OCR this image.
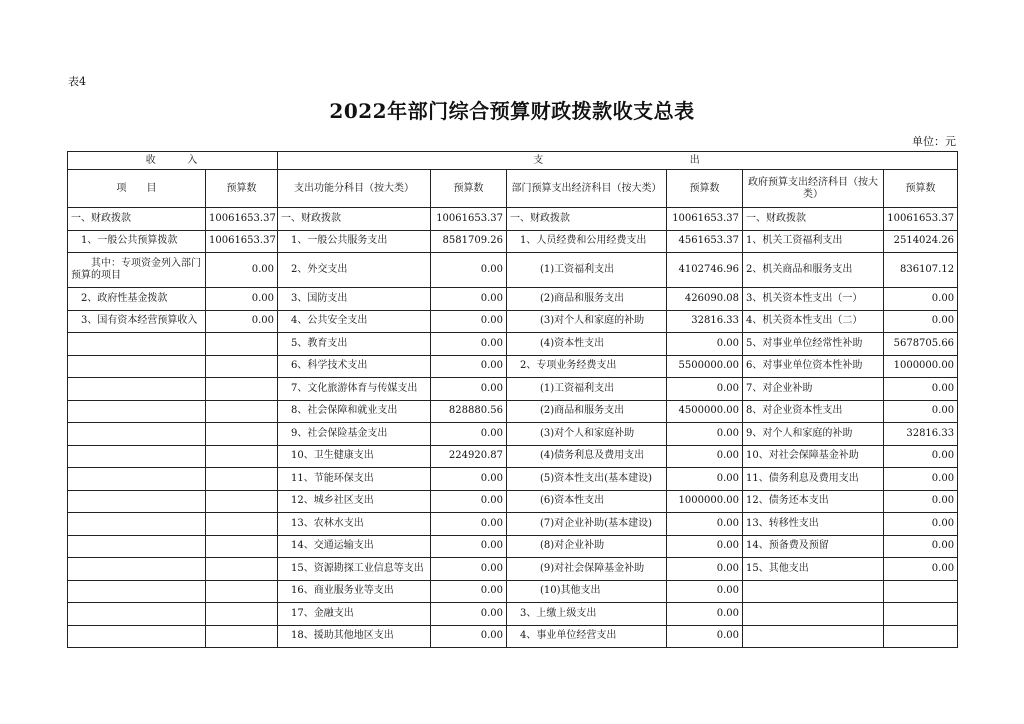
表4
2022年部门综合预算财政拨款收支总表
单位：元
收 入		支 出					

项　　目	预算数	支出功能分科目（按大类）	预算数	部门预算支出经济科目（按大类）	预算数	政府预算支出经济科目（按大类）	预算数
一、财政拨款	10061653.37	一、财政拨款	10061653.37	一、财政拨款	10061653.37	一、财政拨款	10061653.37
　1、一般公共预算拨款	10061653.37	　1、一般公共服务支出	8581709.26	　1、人员经费和公用经费支出	4561653.37	1、机关工资福利支出	2514024.26
　　其中：专项资金列入部门预算的项目	0.00	　2、外交支出	0.00	　　　(1)工资福利支出	4102746.96	2、机关商品和服务支出	836107.12
　2、政府性基金拨款	0.00	　3、国防支出	0.00	　　　(2)商品和服务支出	426090.08	3、机关资本性支出（一）	0.00
　3、国有资本经营预算收入	0.00	　4、公共安全支出	0.00	　　　(3)对个人和家庭的补助	32816.33	4、机关资本性支出（二）	0.00
		　5、教育支出	0.00	　　　(4)资本性支出	0.00	5、对事业单位经常性补助	5678705.66
		　6、科学技术支出	0.00	　2、专项业务经费支出	5500000.00	6、对事业单位资本性补助	1000000.00
		　7、文化旅游体育与传媒支出	0.00	　　　(1)工资福利支出	0.00	7、对企业补助	0.00
		　8、社会保障和就业支出	828880.56	　　　(2)商品和服务支出	4500000.00	8、对企业资本性支出	0.00
		　9、社会保险基金支出	0.00	　　　(3)对个人和家庭补助	0.00	9、对个人和家庭的补助	32816.33
		　10、卫生健康支出	224920.87	　　　(4)债务利息及费用支出	0.00	10、对社会保障基金补助	0.00
		　11、节能环保支出	0.00	　　　(5)资本性支出(基本建设)	0.00	11、债务利息及费用支出	0.00
		　12、城乡社区支出	0.00	　　　(6)资本性支出	1000000.00	12、债务还本支出	0.00
		　13、农林水支出	0.00	　　　(7)对企业补助(基本建设)	0.00	13、转移性支出	0.00
		　14、交通运输支出	0.00	　　　(8)对企业补助	0.00	14、预备费及预留	0.00
		　15、资源勘探工业信息等支出	0.00	　　　(9)对社会保障基金补助	0.00	15、其他支出	0.00
		　16、商业服务业等支出	0.00	　　　(10)其他支出	0.00		
		　17、金融支出	0.00	　3、上缴上级支出	0.00		
		　18、援助其他地区支出	0.00	　4、事业单位经营支出	0.00		
